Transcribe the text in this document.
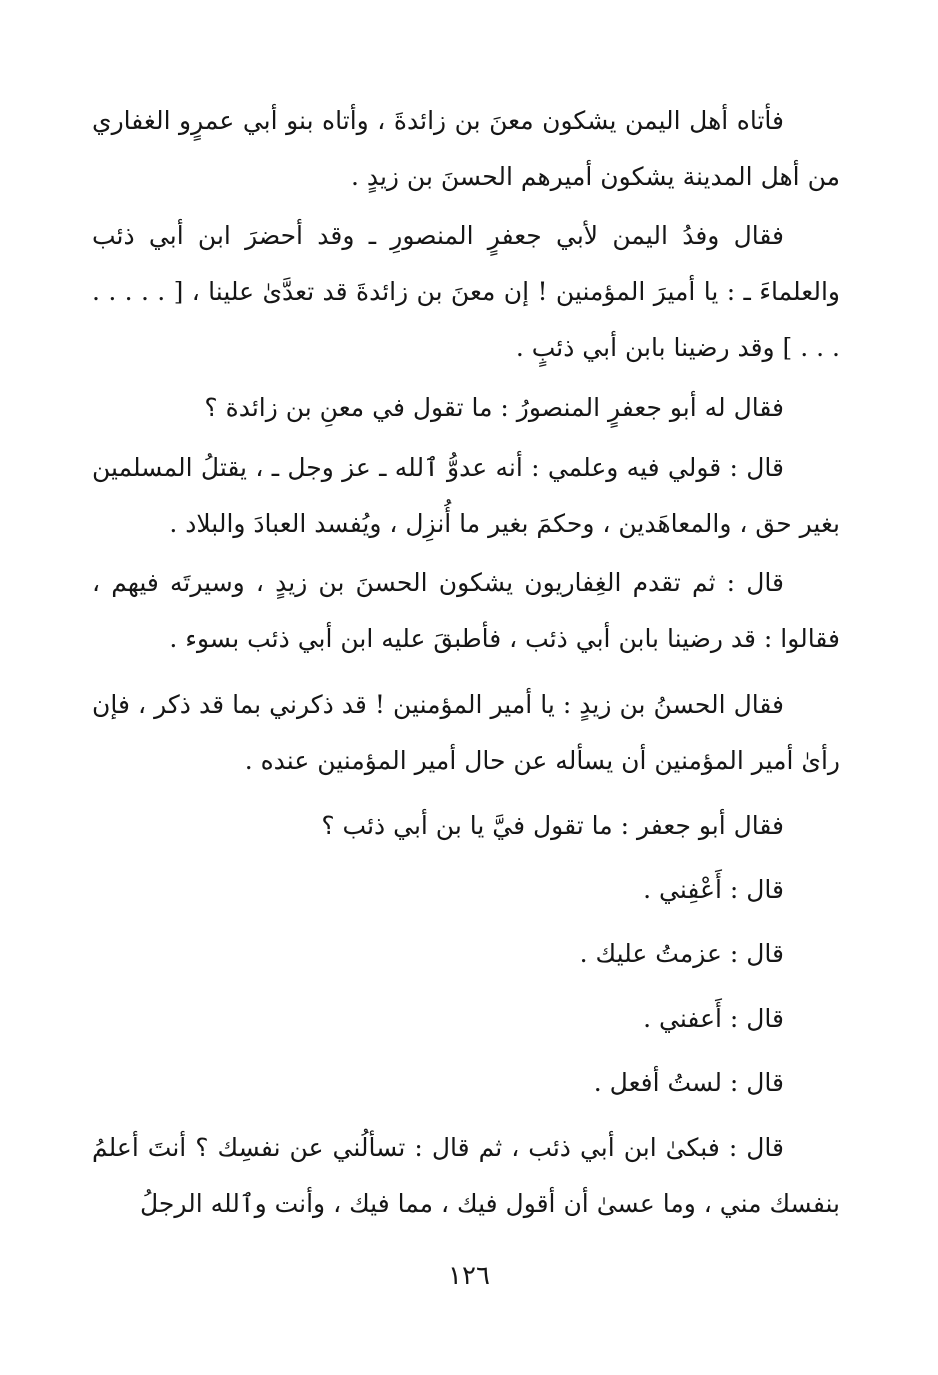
فأتاه أهل اليمن يشكون معنَ بن زائدةَ ، وأتاه بنو أبي عمرٍو الغفاري من أهل المدينة يشكون أميرهم الحسنَ بن زيدٍ .

فقال وفدُ اليمن لأبي جعفرٍ المنصورِ ـ وقد أحضرَ ابن أبي ذئب والعلماءَ ـ : يا أميرَ المؤمنين ! إن معنَ بن زائدةَ قد تعدَّىٰ علينا ، [ . . . . . . . . ] وقد رضينا بابن أبي ذئبٍ .

فقال له أبو جعفرٍ المنصورُ : ما تقول في معنِ بن زائدة ؟

قال : قولي فيه وعلمي : أنه عدوُّ ٱلله ـ عز وجل ـ ، يقتلُ المسلمين بغير حق ، والمعاهَدين ، وحكمَ بغير ما أُنزِل ، ويُفسد العبادَ والبلاد .

قال : ثم تقدم الغِفاريون يشكون الحسنَ بن زيدٍ ، وسيرتَه فيهم ، فقالوا : قد رضينا بابن أبي ذئب ، فأطبقَ عليه ابن أبي ذئب بسوء .

فقال الحسنُ بن زيدٍ : يا أمير المؤمنين ! قد ذكرني بما قد ذكر ، فإن رأىٰ أمير المؤمنين أن يسأله عن حال أمير المؤمنين عنده .

فقال أبو جعفر : ما تقول فيَّ يا بن أبي ذئب ؟

قال : أَعْفِني .

قال : عزمتُ عليك .

قال : أَعفني .

قال : لستُ أفعل .

قال : فبكىٰ ابن أبي ذئب ، ثم قال : تسألُني عن نفسِك ؟ أنتَ أعلمُ بنفسك مني ، وما عسىٰ أن أقول فيك ، مما فيك ، وأنت وٱلله الرجلُ

١٢٦
